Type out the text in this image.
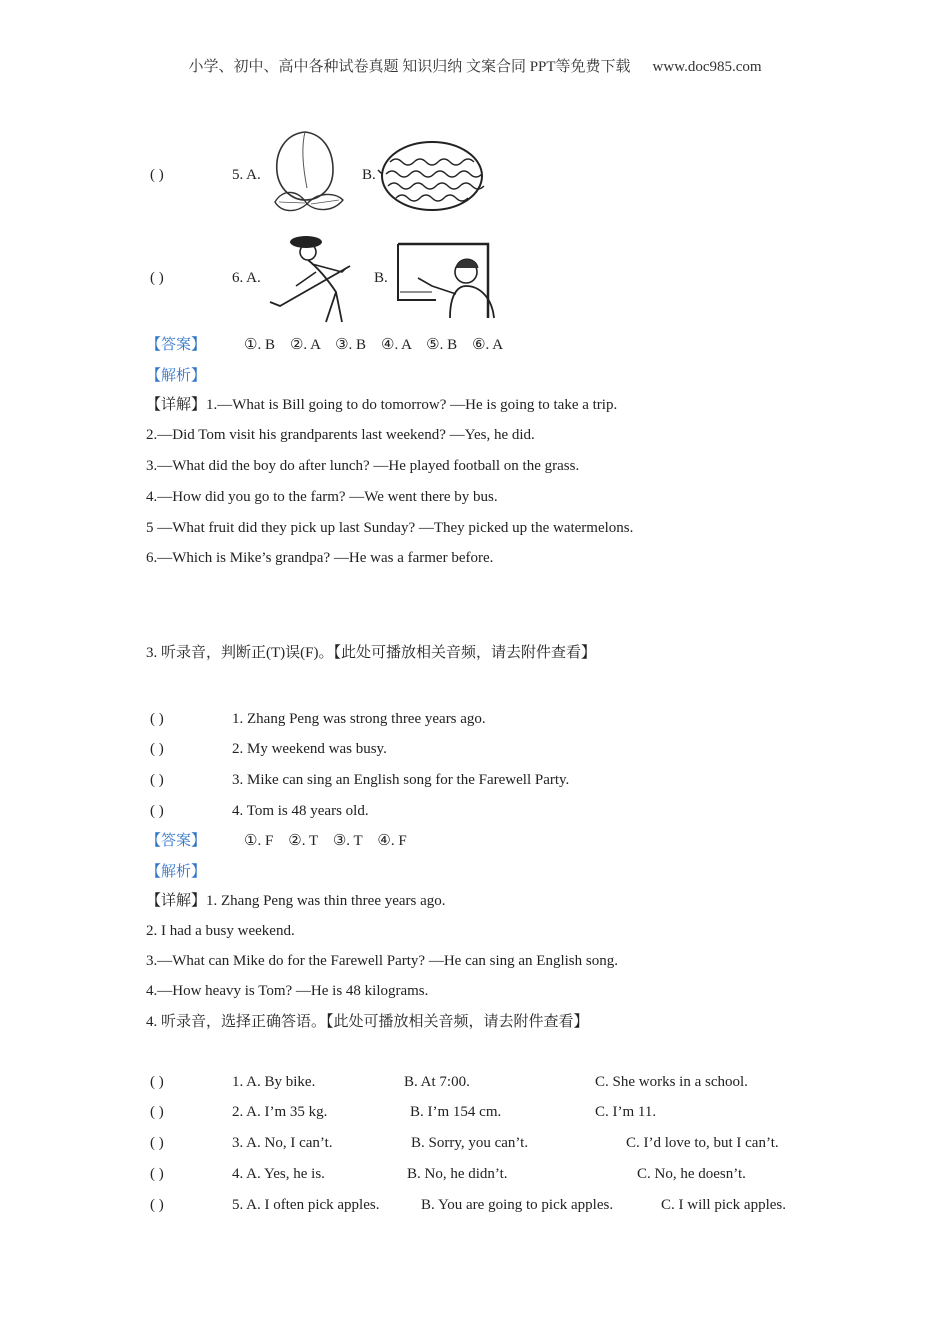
小学、初中、高中各种试卷真题 知识归纳 文案合同 PPT等免费下载 www.doc985.com
( )	5. A.	B.
( )	6. A.	B.
【答案】	①. B    ②. A    ③. B    ④. A    ⑤. B    ⑥. A
【解析】
【详解】1.—What is Bill going to do tomorrow? —He is going to take a trip.
2.—Did Tom visit his grandparents last weekend? —Yes, he did.
3.—What did the boy do after lunch? —He played football on the grass.
4.—How did you go to the farm? —We went there by bus.
5 —What fruit did they pick up last Sunday? —They picked up the watermelons.
6.—Which is Mike’s grandpa? —He was a farmer before.
3. 听录音，判断正(T)误(F)。【此处可播放相关音频，请去附件查看】
( )	1. Zhang Peng was strong three years ago.
( )	2. My weekend was busy.
( )	3. Mike can sing an English song for the Farewell Party.
( )	4. Tom is 48 years old.
【答案】	①. F    ②. T    ③. T    ④. F
【解析】
【详解】1. Zhang Peng was thin three years ago.
2. I had a busy weekend.
3.—What can Mike do for the Farewell Party? —He can sing an English song.
4.—How heavy is Tom? —He is 48 kilograms.
4. 听录音，选择正确答语。【此处可播放相关音频，请去附件查看】
( )	1. A. By bike.	B. At 7:00.	C. She works in a school.
( )	2. A. I’m 35 kg.	B. I’m 154 cm.	C. I’m 11.
( )	3. A. No, I can’t.	B. Sorry, you can’t.	C. I’d love to, but I can’t.
( )	4. A. Yes, he is.	B. No, he didn’t.	C. No, he doesn’t.
( )	5. A. I often pick apples.	B. You are going to pick apples.	C. I will pick apples.
